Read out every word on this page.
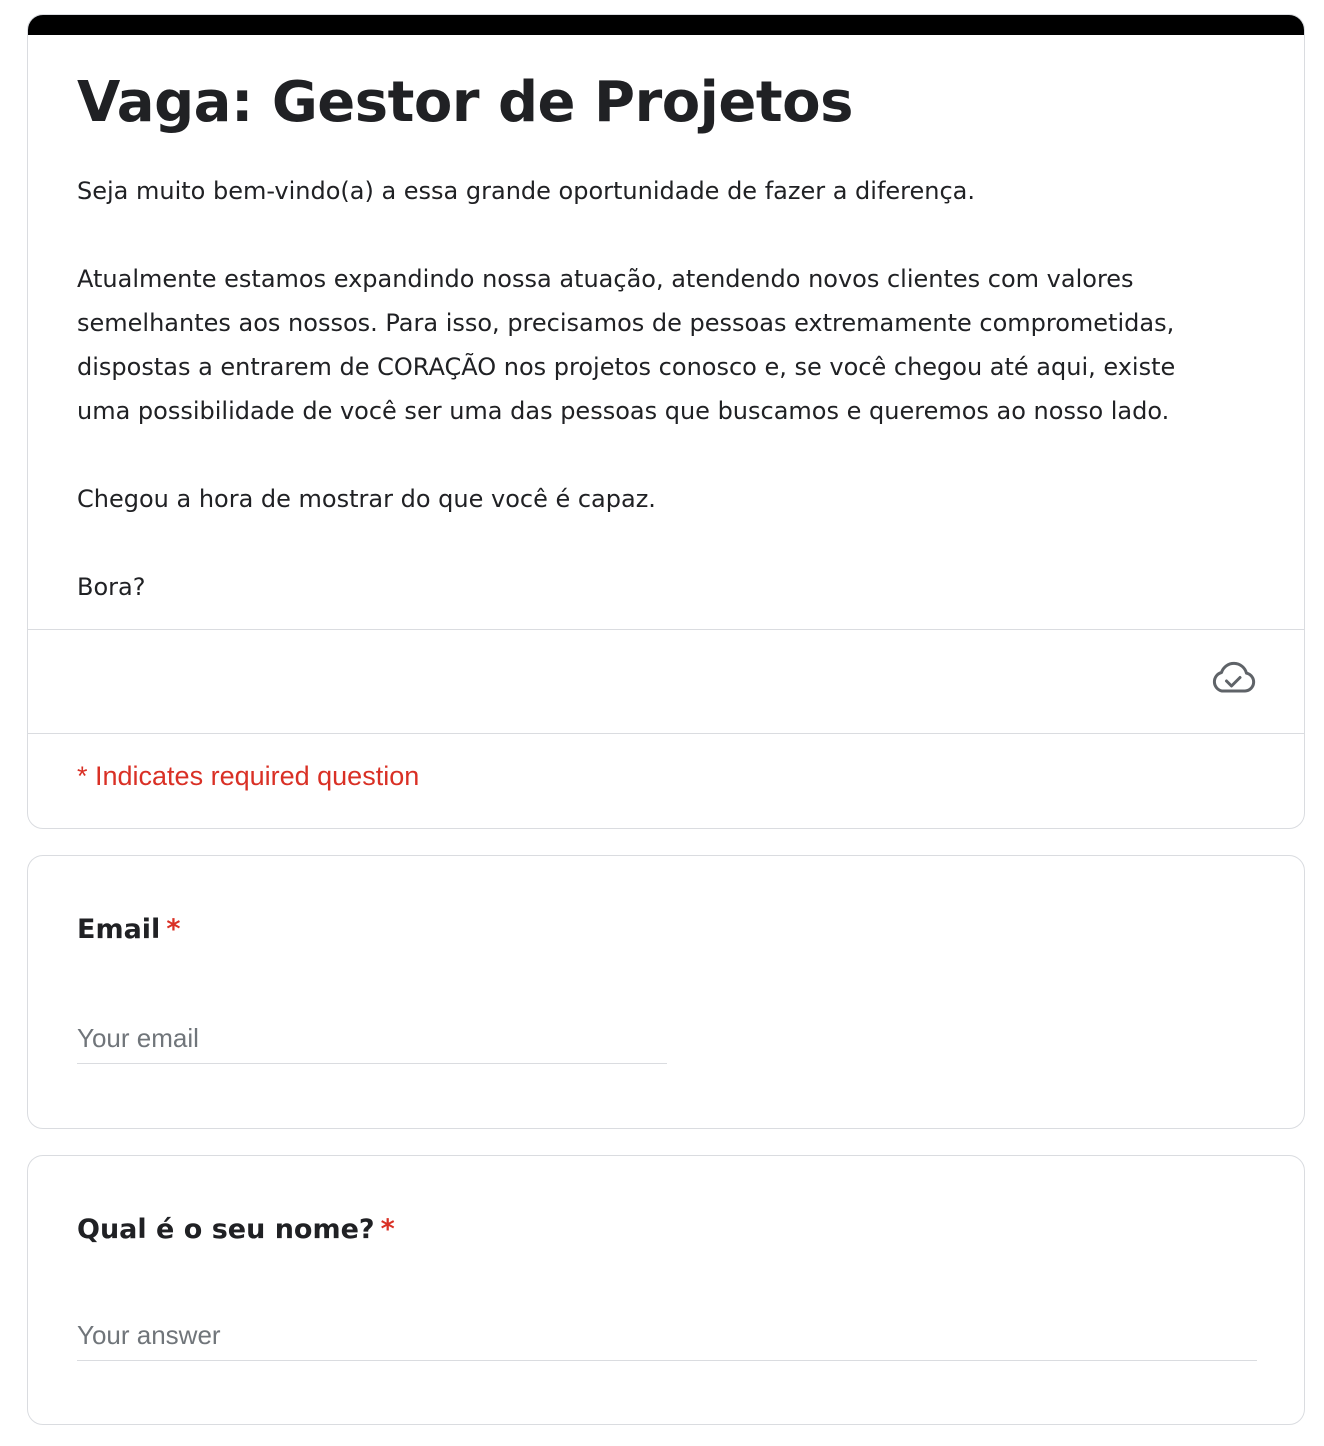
Vaga: Gestor de Projetos

Seja muito bem-vindo(a) a essa grande oportunidade de fazer a diferença.

Atualmente estamos expandindo nossa atuação, atendendo novos clientes com valores

semelhantes aos nossos. Para isso, precisamos de pessoas extremamente comprometidas,

dispostas a entrarem de CORAÇÃO nos projetos conosco e, se você chegou até aqui, existe

uma possibilidade de você ser uma das pessoas que buscamos e queremos ao nosso lado.

Chegou a hora de mostrar do que você é capaz.

Bora?

* Indicates required question
Email *
Your email
Qual é o seu nome? *
Your answer
